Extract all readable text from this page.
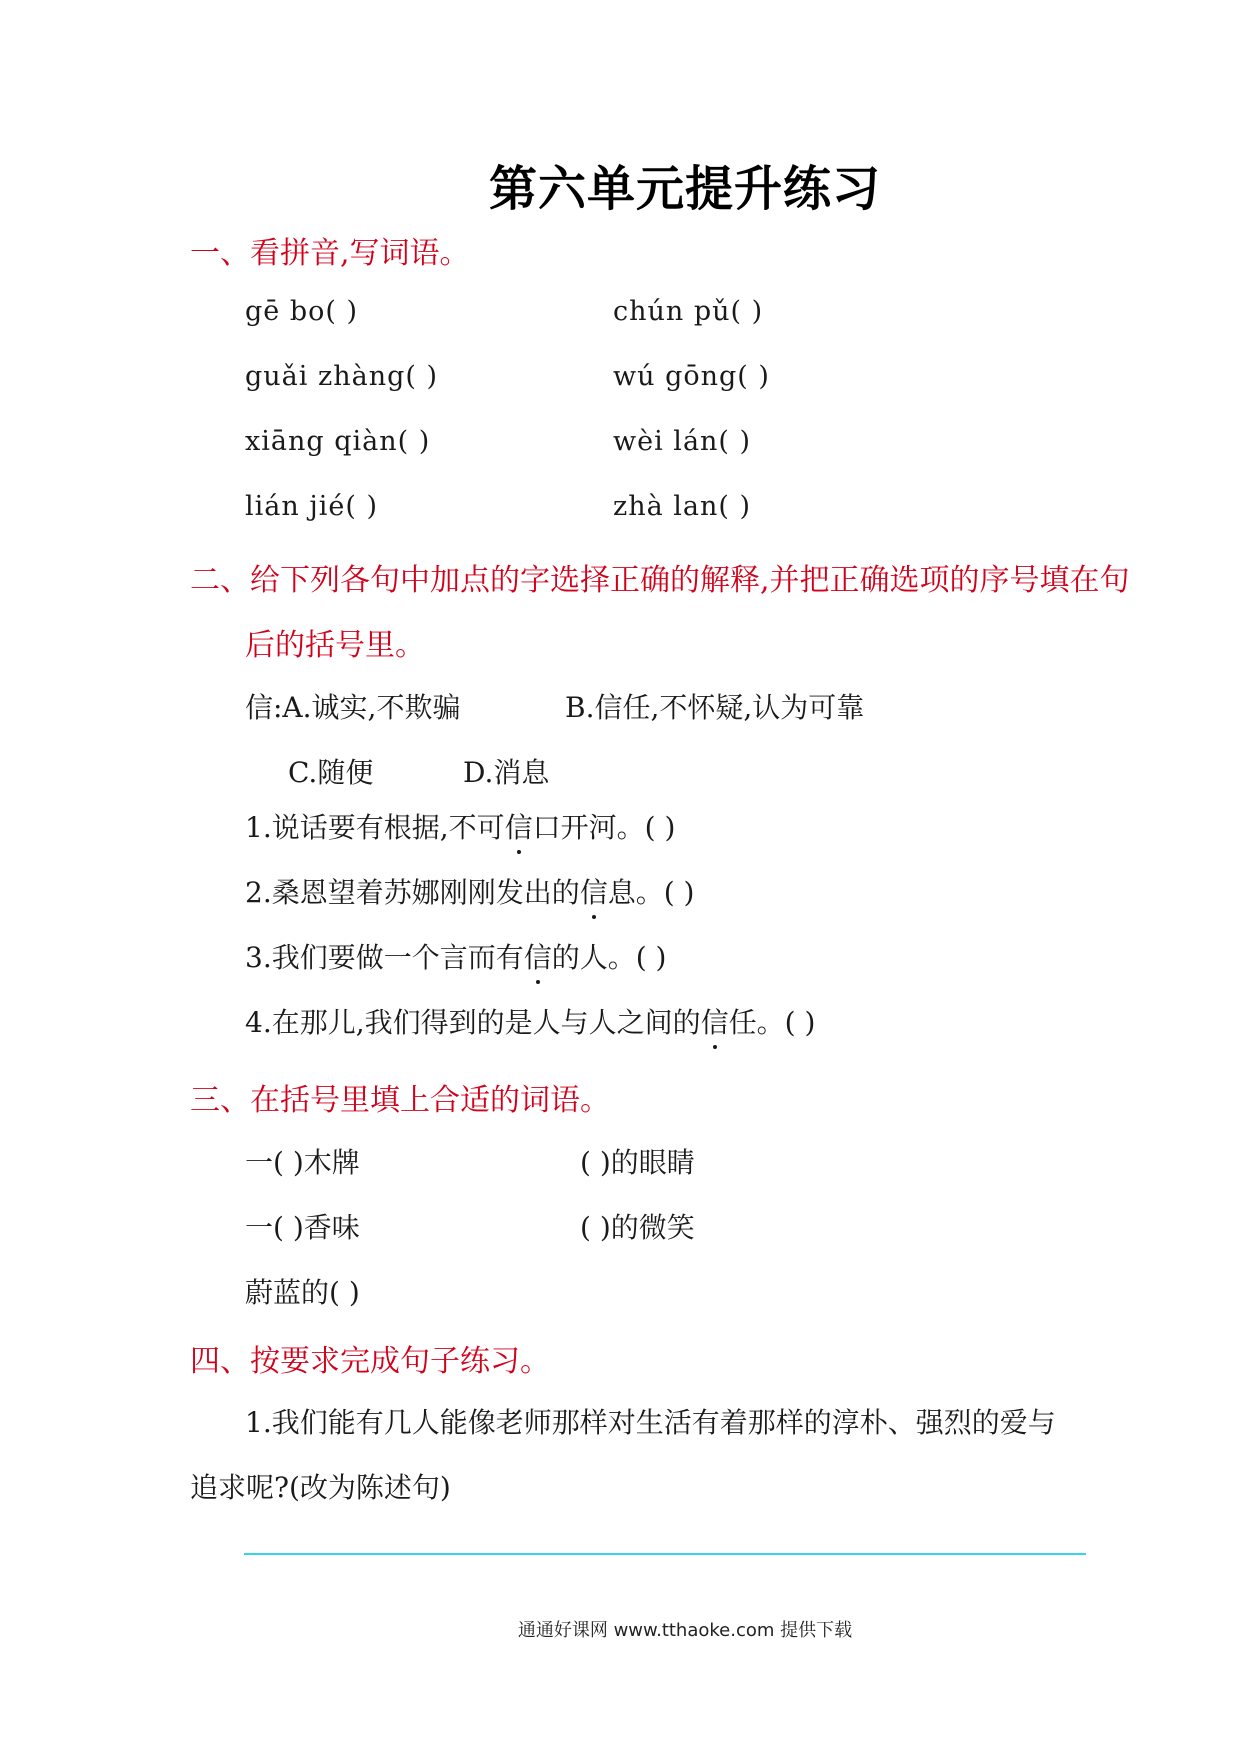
第六单元提升练习
一、看拼音,写词语。
gē bo( )	chún pǔ( )
guǎi zhàng( )	wú gōng( )
xiāng qiàn( )	wèi lán( )
lián jié( )	zhà lan( )
二、给下列各句中加点的字选择正确的解释,并把正确选项的序号填在句
后的括号里。
信:A.诚实,不欺骗	B.信任,不怀疑,认为可靠
C.随便	D.消息
1.说话要有根据,不可信口开河。( )
2.桑恩望着苏娜刚刚发出的信息。( )
3.我们要做一个言而有信的人。( )
4.在那儿,我们得到的是人与人之间的信任。( )
三、在括号里填上合适的词语。
一( )木牌	( )的眼睛
一( )香味	( )的微笑
蔚蓝的( )
四、按要求完成句子练习。
1.我们能有几人能像老师那样对生活有着那样的淳朴、强烈的爱与
追求呢?(改为陈述句)
通通好课网 www.tthaoke.com 提供下载
